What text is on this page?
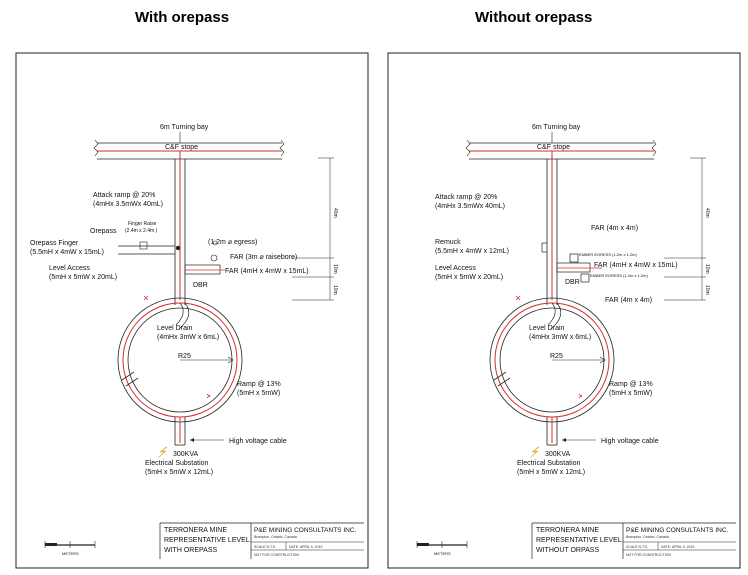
With orepass	Without orepass
6m Turning bay
C&F stope
Attack ramp @ 20%
(4mHx 3.5mWx 40mL)
Finger Raise
(2.4m x 2.4m )
Orepass
(1.2m ⌀ egress)
Orepass Finger
(5.5mH x 4mW x 15mL)
FAR (3m ⌀ raisebore)
Level Access
(5mH x 5mW x 20mL)
FAR (4mH x 4mW x 15mL)
DBR
Level Drain
(4mHx 3mW x 6mL)
R25
Ramp @ 13%
(5mH x 5mW)
High voltage cable
300KVA
Electrical Substation
(5mH x 5mW x 12mL)
40m
10m
10m
TERRONERA MINE
REPRESENTATIVE LEVEL
WITH OREPASS
P&E MINING CONSULTANTS INC.
Brampton, Ontario, Canada
SCALE N.T.S.	DATE: APRIL 9, 2019
NOT FOR CONSTRUCTION
METERS
6m Turning bay
C&F stope
Attack ramp @ 20%
(4mHx 3.5mWx 40mL)
FAR (4m x 4m)
Remuck
(5.5mH x 4mW x 12mL)	EMBER EGRESS (1.2m x 1.2m)
Level Access
(5mH x 5mW x 20mL)
FAR (4mH x 4mW x 15mL)
EMBER EGRESS (1.2m x 1.2m)
DBR
FAR (4m x 4m)
Level Drain
(4mHx 3mW x 6mL)
R25
Ramp @ 13%
(5mH x 5mW)
High voltage cable
300KVA
Electrical Substation
(5mH x 5mW x 12mL)
40m
10m
10m
TERRONERA MINE
REPRESENTATIVE LEVEL
WITHOUT ORPASS
P&E MINING CONSULTANTS INC.
Brampton, Ontario, Canada
SCALE N.T.S.	DATE: APRIL 9, 2019
NOT FOR CONSTRUCTION
METERS
